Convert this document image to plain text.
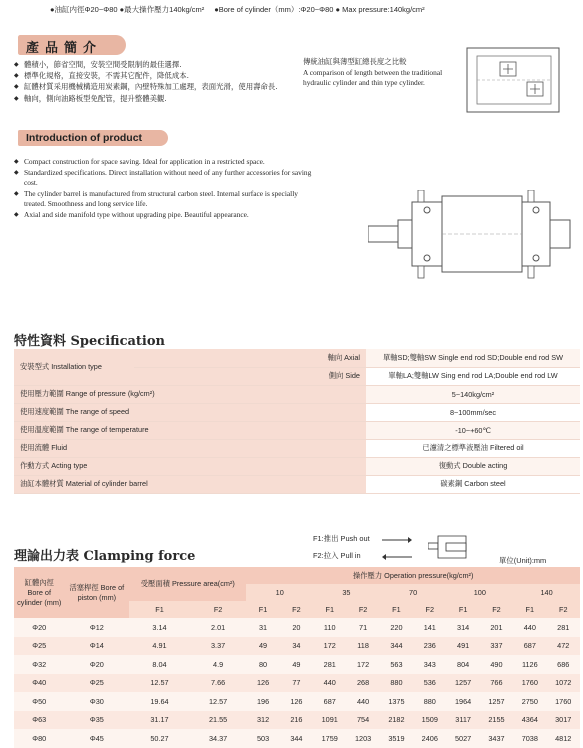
●油缸内徑Φ20~Φ80 ●最大操作壓力140kg/cm² ●Bore of cylinder（mm）:Φ20~Φ80 ● Max pressure:140kg/cm²
產品簡介
◆ 體積小，節省空間，安裝空間受限制的最佳選擇.
◆ 標準化規格，直接安裝，不需其它配件，降低成本.
◆ 缸體材質采用機械構造用炭素鋼，內壁特殊加工處理，表面光滑，使用壽命長.
◆ 軸向，側向油路板型免配管，提升整體美觀.
傳統油缸與薄型缸總長度之比較
A comparison of length between the traditional hydraulic cylinder and thin type cylinder.
Introduction of product
◆ Compact construction for space saving. Ideal for application in a restricted space.
◆ Standardized specifications. Direct installation without need of any further accessories for saving cost.
◆ The cylinder barrel is manufactured from structural carbon steel. Internal surface is specially treated. Smoothness and long service life.
◆ Axial and side manifold type without upgrading pipe. Beautiful appearance.
特性資料 Specification
安裝型式 Installation type	軸向 Axial	單軸SD;雙軸SW Single end rod SD;Double end rod SW
	側向 Side	單軸LA;雙軸LW Sing end rod LA;Double end rod LW
使用壓力範圍 Range of pressure (kg/cm²)		5~140kg/cm²
使用速度範圍 The range of speed		8~100mm/sec
使用溫度範圍 The range of temperature		-10~+60℃
使用流體 Fluid		已濾清之標準液壓油 Filtered oil
作動方式 Acting type		復動式 Double acting
油缸本體材質 Material of cylinder barrel		碳素鋼 Carbon steel
理論出力表 Clamping force
F1:推出 Push out
F2:拉入 Pull in
單位(Unit):mm
缸體內徑 Bore of cylinder (mm)	活塞桿徑 Bore of piston (mm)	受壓面積 Pressure area(cm²)		操作壓力 Operation pressure(kg/cm²)									
				10		35		70		100		140	
		F1	F2	F1	F2	F1	F2	F1	F2	F1	F2	F1	F2
Φ20	Φ12	3.14	2.01	31	20	110	71	220	141	314	201	440	281
Φ25	Φ14	4.91	3.37	49	34	172	118	344	236	491	337	687	472
Φ32	Φ20	8.04	4.9	80	49	281	172	563	343	804	490	1126	686
Φ40	Φ25	12.57	7.66	126	77	440	268	880	536	1257	766	1760	1072
Φ50	Φ30	19.64	12.57	196	126	687	440	1375	880	1964	1257	2750	1760
Φ63	Φ35	31.17	21.55	312	216	1091	754	2182	1509	3117	2155	4364	3017
Φ80	Φ45	50.27	34.37	503	344	1759	1203	3519	2406	5027	3437	7038	4812
